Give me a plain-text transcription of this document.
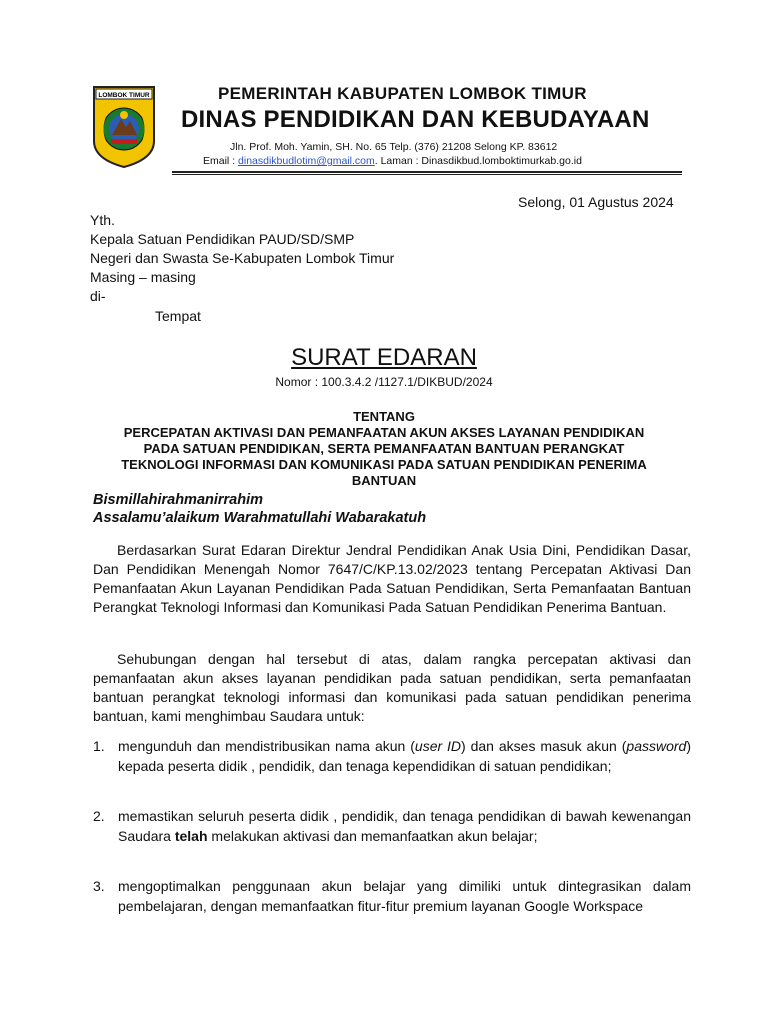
LOMBOK TIMUR	PEMERINTAH KABUPATEN LOMBOK TIMUR
DINAS PENDIDIKAN DAN KEBUDAYAAN
Jln. Prof. Moh. Yamin, SH. No. 65 Telp. (376) 21208 Selong KP. 83612
Email : dinasdikbudlotim@gmail.com. Laman : Dinasdikbud.lomboktimurkab.go.id
Selong, 01 Agustus 2024
Yth.
Kepala Satuan Pendidikan PAUD/SD/SMP
Negeri dan Swasta Se-Kabupaten Lombok Timur
Masing – masing
di-
Tempat
SURAT EDARAN
Nomor : 100.3.4.2 /1127.1/DIKBUD/2024
TENTANG
PERCEPATAN AKTIVASI DAN PEMANFAATAN AKUN AKSES LAYANAN PENDIDIKAN PADA SATUAN PENDIDIKAN, SERTA PEMANFAATAN BANTUAN PERANGKAT TEKNOLOGI INFORMASI DAN KOMUNIKASI PADA SATUAN PENDIDIKAN PENERIMA BANTUAN
Bismillahirahmanirrahim
Assalamu’alaikum Warahmatullahi Wabarakatuh

Berdasarkan Surat Edaran Direktur Jendral Pendidikan Anak Usia Dini, Pendidikan Dasar, Dan Pendidikan Menengah Nomor 7647/C/KP.13.02/2023 tentang Percepatan Aktivasi Dan Pemanfaatan Akun Layanan Pendidikan Pada Satuan Pendidikan, Serta Pemanfaatan Bantuan Perangkat Teknologi Informasi dan Komunikasi Pada Satuan Pendidikan Penerima Bantuan.

Sehubungan dengan hal tersebut di atas, dalam rangka percepatan aktivasi dan pemanfaatan akun akses layanan pendidikan pada satuan pendidikan, serta pemanfaatan bantuan perangkat teknologi informasi dan komunikasi pada satuan pendidikan penerima bantuan, kami menghimbau Saudara untuk:

1. mengunduh dan mendistribusikan nama akun (user ID) dan akses masuk akun (password) kepada peserta didik , pendidik, dan tenaga kependidikan di satuan pendidikan;
2. memastikan seluruh peserta didik , pendidik, dan tenaga pendidikan di bawah kewenangan Saudara telah melakukan aktivasi dan memanfaatkan akun belajar;
3. mengoptimalkan penggunaan akun belajar yang dimiliki untuk dintegrasikan dalam pembelajaran, dengan memanfaatkan fitur-fitur premium layanan Google Workspace
